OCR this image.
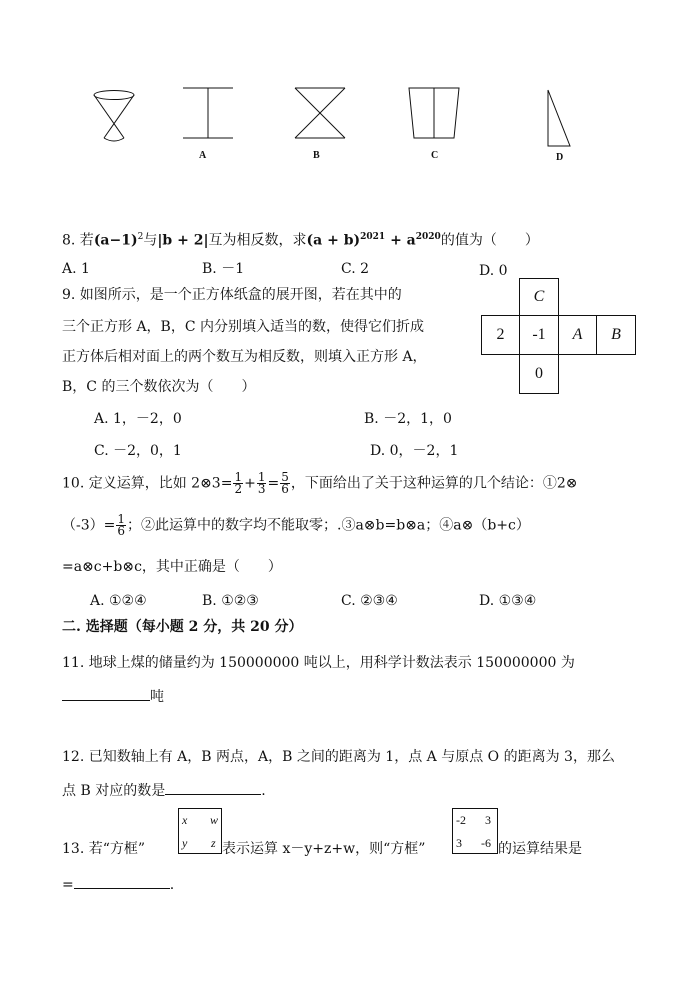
A	B	C	D
8. 若$(a-1)^2$与|b + 2|互为相反数，求$(a + b)^{2021} + a^{2020}$的值为（　　）
A. 1	B. －1	C. 2	D. 0
9. 如图所示，是一个正方体纸盒的展开图，若在其中的
三个正方形 A，B，C 内分别填入适当的数，使得它们折成
正方体后相对面上的两个数互为相反数，则填入正方形 A，
B，C 的三个数依次为（　　）
C
2	-1	A	B
0
A. 1，－2，0	B. －2，1，0
C. －2，0，1	D. 0，－2，1
10. 定义运算，比如 2⊗3= $\frac{1}{2} + \frac{1}{3} = \frac{5}{6}$ ，下面给出了关于这种运算的几个结论：①2⊗
$(-3)= \frac{1}{6}$ ；②此运算中的数字均不能取零；.③a⊗b=b⊗a；④a⊗（b+c）
=a⊗c+b⊗c，其中正确是（　　）
A. ①②④	B. ①②③	C. ②③④	D. ①③④
二. 选择题（每小题 2 分，共 20 分）
11. 地球上煤的储量约为 150000000 吨以上，用科学计数法表示 150000000 为
吨
12. 已知数轴上有 A，B 两点，A，B 之间的距离为 1，点 A 与原点 O 的距离为 3，那么
点 B 对应的数是	.
13. 若“方框”
x w
y z 表示运算 x－y+z+w，则“方框”
-2 3
3 -6 的运算结果是
=	.
